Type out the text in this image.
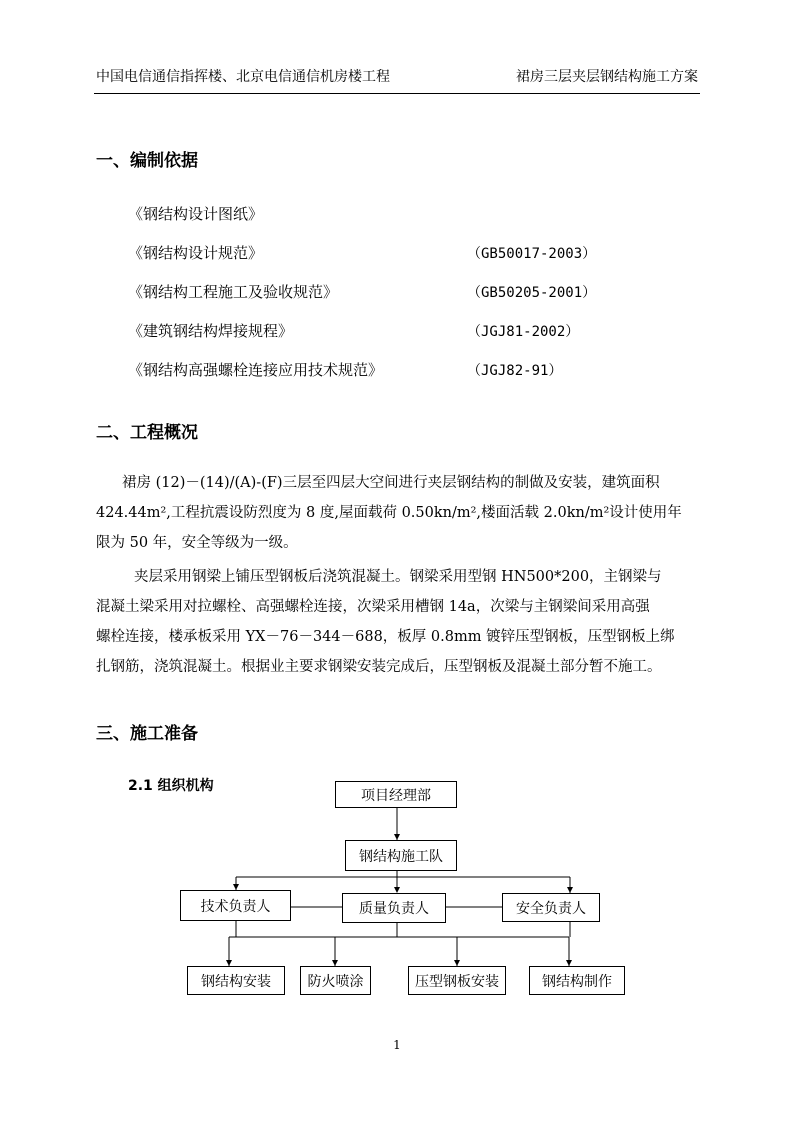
中国电信通信指挥楼、北京电信通信机房楼工程	裙房三层夹层钢结构施工方案
一、编制依据
《钢结构设计图纸》
《钢结构设计规范》	（GB50017-2003）
《钢结构工程施工及验收规范》	（GB50205-2001）
《建筑钢结构焊接规程》	（JGJ81-2002）
《钢结构高强螺栓连接应用技术规范》	（JGJ82-91）
二、工程概况
裙房 (12)－(14)/(A)-(F)三层至四层大空间进行夹层钢结构的制做及安装，建筑面积
424.44m²,工程抗震设防烈度为 8 度,屋面载荷 0.50kn/m²,楼面活载 2.0kn/m²设计使用年
限为 50 年，安全等级为一级。
夹层采用钢梁上铺压型钢板后浇筑混凝土。钢梁采用型钢 HN500*200，主钢梁与
混凝土梁采用对拉螺栓、高强螺栓连接，次梁采用槽钢 14a，次梁与主钢梁间采用高强
螺栓连接，楼承板采用 YX－76－344－688，板厚 0.8mm 镀锌压型钢板，压型钢板上绑
扎钢筋，浇筑混凝土。根据业主要求钢梁安装完成后，压型钢板及混凝土部分暂不施工。
三、施工准备
2.1 组织机构
项目经理部
钢结构施工队
技术负责人	质量负责人	安全负责人
钢结构安装	防火喷涂	压型钢板安装	钢结构制作
1
